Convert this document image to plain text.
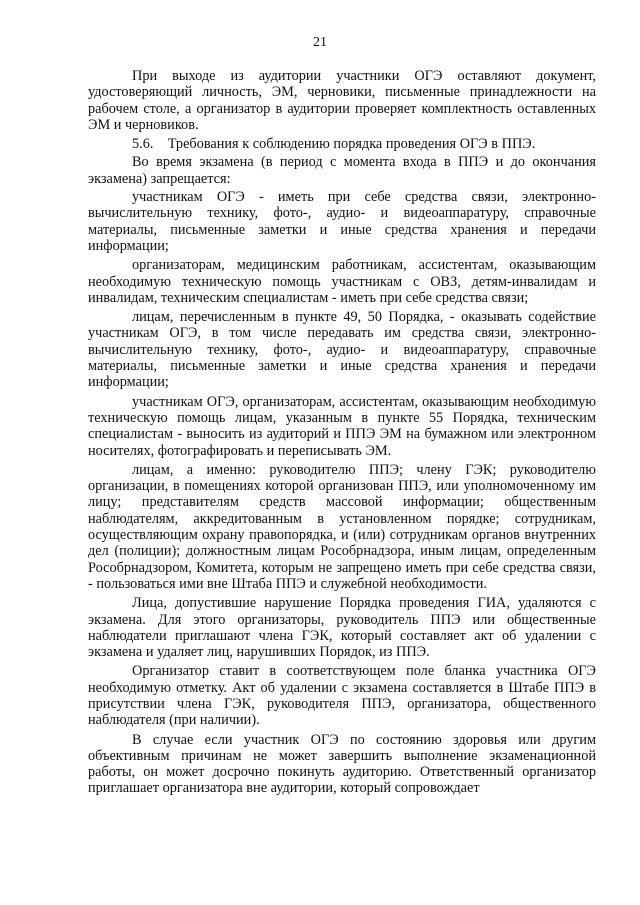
21

При выходе из аудитории участники ОГЭ оставляют документ, удостоверяющий личность, ЭМ, черновики, письменные принадлежности на рабочем столе, а организатор в аудитории проверяет комплектность оставленных ЭМ и черновиков.

5.6.    Требования к соблюдению порядка проведения ОГЭ в ППЭ.

Во время экзамена (в период с момента входа в ППЭ и до окончания экзамена) запрещается:

участникам ОГЭ - иметь при себе средства связи, электронно-вычислительную технику, фото-, аудио- и видеоаппаратуру, справочные материалы, письменные заметки и иные средства хранения и передачи информации;

организаторам, медицинским работникам, ассистентам, оказывающим необходимую техническую помощь участникам с ОВЗ, детям-инвалидам и инвалидам, техническим специалистам - иметь при себе средства связи;

лицам, перечисленным в пункте 49, 50 Порядка, - оказывать содействие участникам ОГЭ, в том числе передавать им средства связи, электронно-вычислительную технику, фото-, аудио- и видеоаппаратуру, справочные материалы, письменные заметки и иные средства хранения и передачи информации;

участникам ОГЭ, организаторам, ассистентам, оказывающим необходимую техническую помощь лицам, указанным в пункте 55 Порядка, техническим специалистам - выносить из аудиторий и ППЭ ЭМ на бумажном или электронном носителях, фотографировать и переписывать ЭМ.

лицам, а именно: руководителю ППЭ; члену ГЭК; руководителю организации, в помещениях которой организован ППЭ, или уполномоченному им лицу; представителям средств массовой информации; общественным наблюдателям, аккредитованным в установленном порядке; сотрудникам, осуществляющим охрану правопорядка, и (или) сотрудникам органов внутренних дел (полиции); должностным лицам Рособрнадзора, иным лицам, определенным Рособрнадзором, Комитета, которым не запрещено иметь при себе средства связи, - пользоваться ими вне Штаба ППЭ и служебной необходимости.

Лица, допустившие нарушение Порядка проведения ГИА, удаляются с экзамена. Для этого организаторы, руководитель ППЭ или общественные наблюдатели приглашают члена ГЭК, который составляет акт об удалении с экзамена и удаляет лиц, нарушивших Порядок, из ППЭ.

Организатор ставит в соответствующем поле бланка участника ОГЭ необходимую отметку. Акт об удалении с экзамена составляется в Штабе ППЭ в присутствии члена ГЭК, руководителя ППЭ, организатора, общественного наблюдателя (при наличии).

В случае если участник ОГЭ по состоянию здоровья или другим объективным причинам не может завершить выполнение экзаменационной работы, он может досрочно покинуть аудиторию. Ответственный организатор приглашает организатора вне аудитории, который сопровождает
